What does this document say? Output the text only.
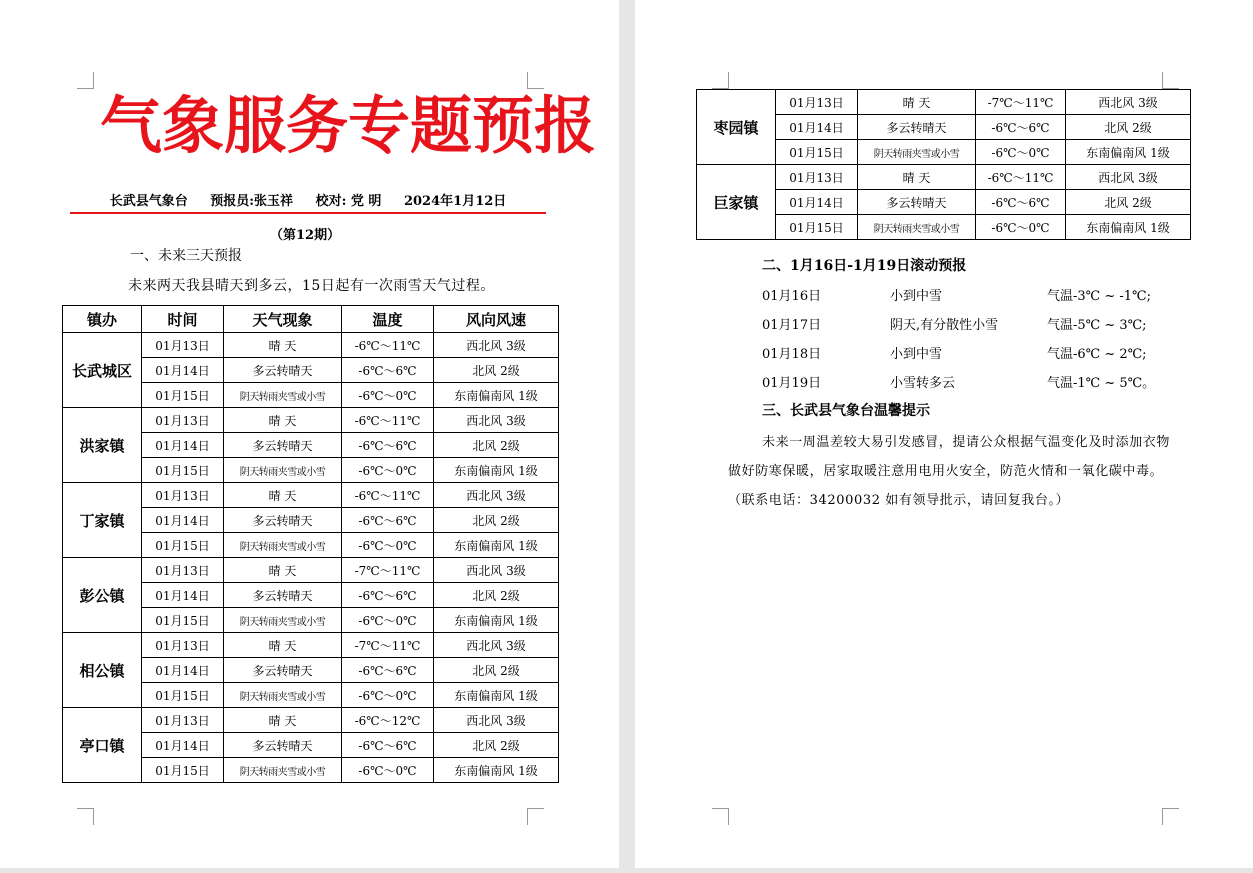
气象服务专题预报
长武县气象台 预报员:张玉祥 校对: 党 明 2024年1月12日
（第12期）
一、未来三天预报
未来两天我县晴天到多云，15日起有一次雨雪天气过程。
镇办	时间	天气现象	温度	风向风速
长武城区	01月13日	晴 天	-6℃～11℃	西北风 3级
	01月14日	多云转晴天	-6℃～6℃	北风 2级
	01月15日	阴天转雨夹雪或小雪	-6℃～0℃	东南偏南风 1级
洪家镇	01月13日	晴 天	-6℃～11℃	西北风 3级
	01月14日	多云转晴天	-6℃～6℃	北风 2级
	01月15日	阴天转雨夹雪或小雪	-6℃～0℃	东南偏南风 1级
丁家镇	01月13日	晴 天	-6℃～11℃	西北风 3级
	01月14日	多云转晴天	-6℃～6℃	北风 2级
	01月15日	阴天转雨夹雪或小雪	-6℃～0℃	东南偏南风 1级
彭公镇	01月13日	晴 天	-7℃～11℃	西北风 3级
	01月14日	多云转晴天	-6℃～6℃	北风 2级
	01月15日	阴天转雨夹雪或小雪	-6℃～0℃	东南偏南风 1级
相公镇	01月13日	晴 天	-7℃～11℃	西北风 3级
	01月14日	多云转晴天	-6℃～6℃	北风 2级
	01月15日	阴天转雨夹雪或小雪	-6℃～0℃	东南偏南风 1级
亭口镇	01月13日	晴 天	-6℃～12℃	西北风 3级
	01月14日	多云转晴天	-6℃～6℃	北风 2级
	01月15日	阴天转雨夹雪或小雪	-6℃～0℃	东南偏南风 1级
枣园镇	01月13日	晴 天	-7℃～11℃	西北风 3级
	01月14日	多云转晴天	-6℃～6℃	北风 2级
	01月15日	阴天转雨夹雪或小雪	-6℃～0℃	东南偏南风 1级
巨家镇	01月13日	晴 天	-6℃～11℃	西北风 3级
	01月14日	多云转晴天	-6℃～6℃	北风 2级
	01月15日	阴天转雨夹雪或小雪	-6℃～0℃	东南偏南风 1级
二、1月16日-1月19日滚动预报
01月16日	小到中雪	气温-3℃ ~ -1℃;
01月17日	阴天,有分散性小雪	气温-5℃ ~ 3℃;
01月18日	小到中雪	气温-6℃ ~ 2℃;
01月19日	小雪转多云	气温-1℃ ~ 5℃。
三、长武县气象台温馨提示
未来一周温差较大易引发感冒，提请公众根据气温变化及时添加衣物做好防寒保暖，居家取暖注意用电用火安全，防范火情和一氧化碳中毒。（联系电话：34200032 如有领导批示，请回复我台。）
